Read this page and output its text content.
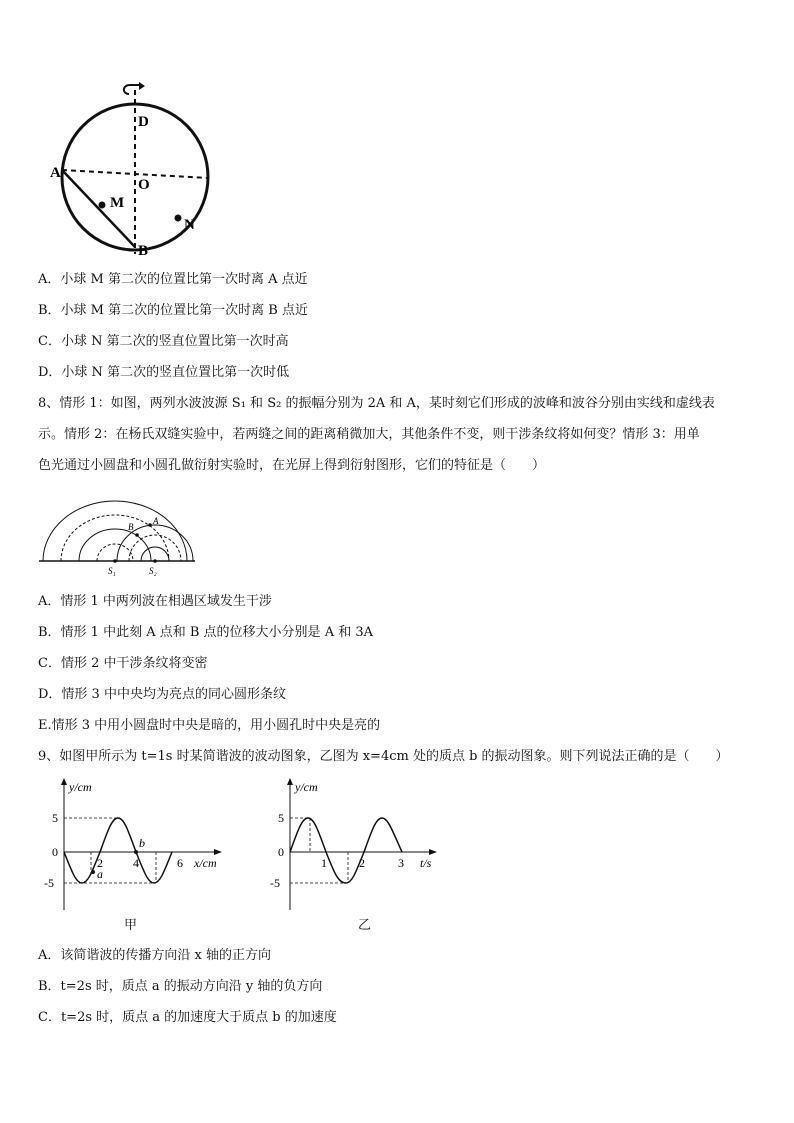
D
A
O
M
N
B
A．小球 M 第二次的位置比第一次时离 A 点近
B．小球 M 第二次的位置比第一次时离 B 点近
C．小球 N 第二次的竖直位置比第一次时高
D．小球 N 第二次的竖直位置比第一次时低
8、情形 1：如图，两列水波波源 S₁ 和 S₂ 的振幅分别为 2A 和 A，某时刻它们形成的波峰和波谷分别由实线和虚线表
示。情形 2：在杨氏双缝实验中，若两缝之间的距离稍微加大，其他条件不变，则干涉条纹将如何变？情形 3：用单
色光通过小圆盘和小圆孔做衍射实验时，在光屏上得到衍射图形，它们的特征是（　　）
A
B
S₁	S₂
A．情形 1 中两列波在相遇区域发生干涉
B．情形 1 中此刻 A 点和 B 点的位移大小分别是 A 和 3A
C．情形 2 中干涉条纹将变密
D．情形 3 中中央均为亮点的同心圆形条纹
E.情形 3 中用小圆盘时中央是暗的，用小圆孔时中央是亮的
9、如图甲所示为 t=1s 时某简谐波的波动图象，乙图为 x=4cm 处的质点 b 的振动图象。则下列说法正确的是（　　）
y/cm
x/cm
5
0
-5
2	4	6
a
b
甲
y/cm
t/s
5
0
-5
1	2	3
乙
A．该简谐波的传播方向沿 x 轴的正方向
B．t=2s 时，质点 a 的振动方向沿 y 轴的负方向
C．t=2s 时，质点 a 的加速度大于质点 b 的加速度
